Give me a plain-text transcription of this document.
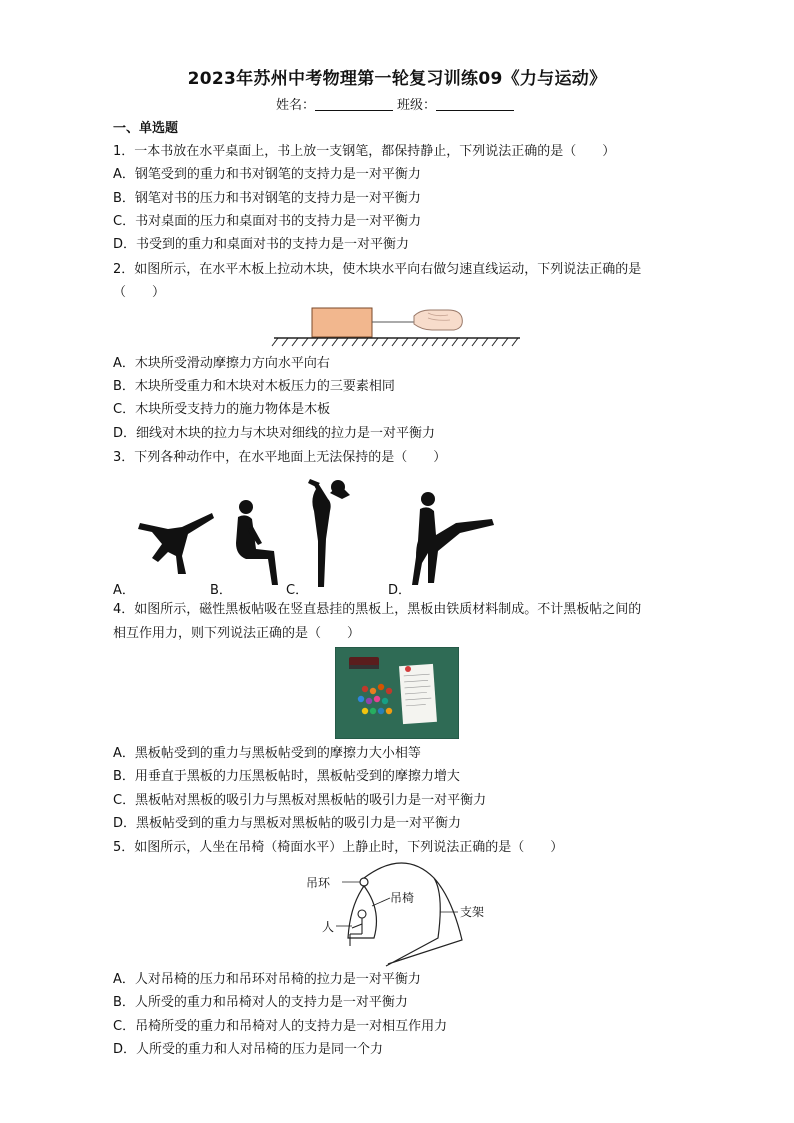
2023年苏州中考物理第一轮复习训练09《力与运动》
姓名：	班级：
一、单选题
1．一本书放在水平桌面上，书上放一支钢笔，都保持静止，下列说法正确的是（　　）
A．钢笔受到的重力和书对钢笔的支持力是一对平衡力
B．钢笔对书的压力和书对钢笔的支持力是一对平衡力
C．书对桌面的压力和桌面对书的支持力是一对平衡力
D．书受到的重力和桌面对书的支持力是一对平衡力
2．如图所示，在水平木板上拉动木块，使木块水平向右做匀速直线运动，下列说法正确的是
（　　）
A．木块所受滑动摩擦力方向水平向右
B．木块所受重力和木块对木板压力的三要素相同
C．木块所受支持力的施力物体是木板
D．细线对木块的拉力与木块对细线的拉力是一对平衡力
3．下列各种动作中，在水平地面上无法保持的是（　　）
A．	B．	C．	D．
4．如图所示，磁性黑板帖吸在竖直悬挂的黑板上，黑板由铁质材料制成。不计黑板帖之间的
相互作用力，则下列说法正确的是（　　）
A．黑板帖受到的重力与黑板帖受到的摩擦力大小相等
B．用垂直于黑板的力压黑板帖时，黑板帖受到的摩擦力增大
C．黑板帖对黑板的吸引力与黑板对黑板帖的吸引力是一对平衡力
D．黑板帖受到的重力与黑板对黑板帖的吸引力是一对平衡力
5．如图所示，人坐在吊椅（椅面水平）上静止时，下列说法正确的是（　　）
吊环
吊椅
人
支架
A．人对吊椅的压力和吊环对吊椅的拉力是一对平衡力
B．人所受的重力和吊椅对人的支持力是一对平衡力
C．吊椅所受的重力和吊椅对人的支持力是一对相互作用力
D．人所受的重力和人对吊椅的压力是同一个力
